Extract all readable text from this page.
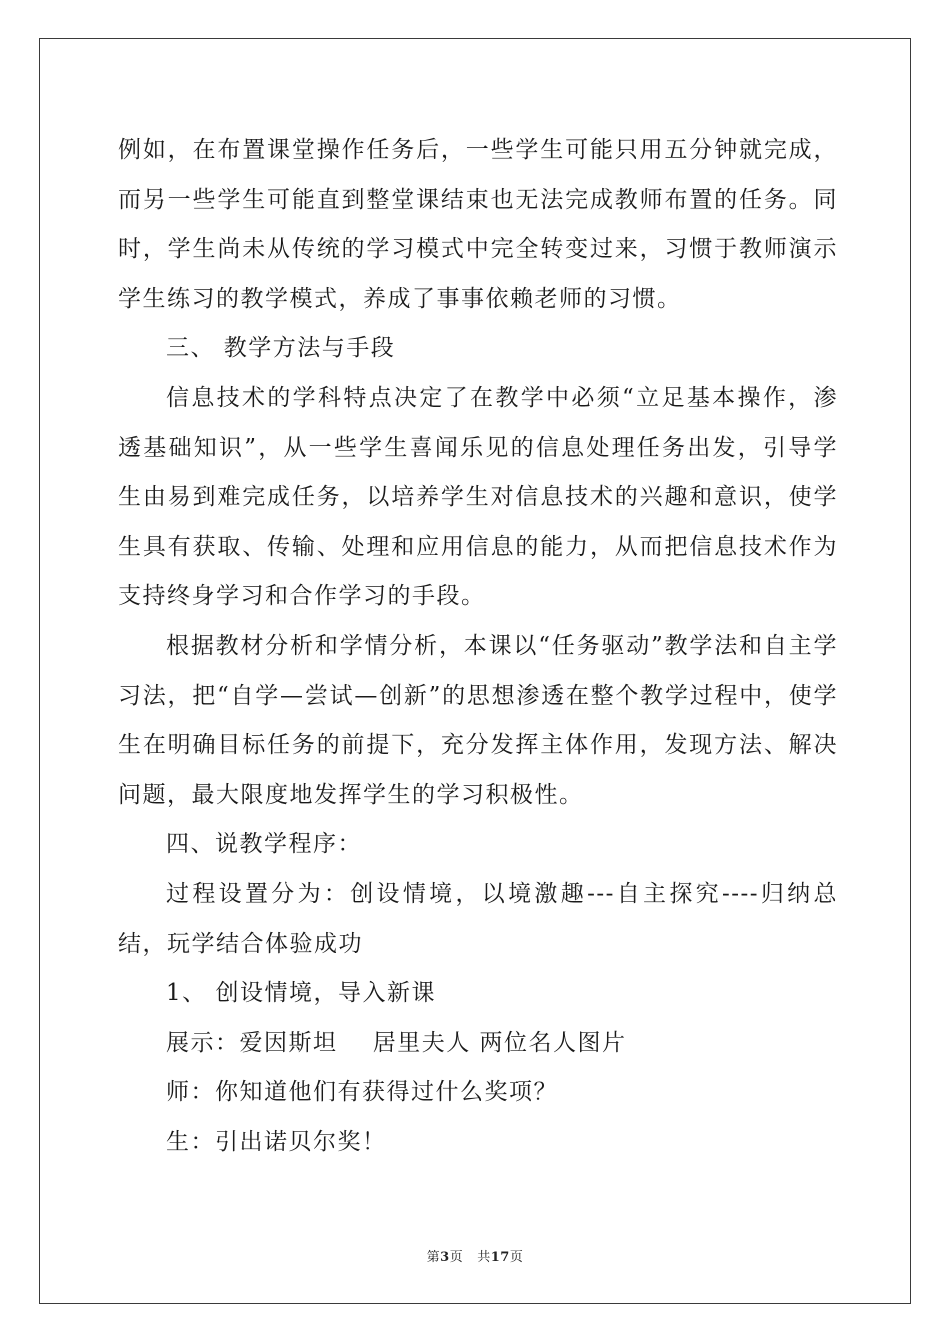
例如，在布置课堂操作任务后，一些学生可能只用五分钟就完成，而另一些学生可能直到整堂课结束也无法完成教师布置的任务。同时，学生尚未从传统的学习模式中完全转变过来，习惯于教师演示学生练习的教学模式，养成了事事依赖老师的习惯。

三、 教学方法与手段

信息技术的学科特点决定了在教学中必须“立足基本操作，渗透基础知识”，从一些学生喜闻乐见的信息处理任务出发，引导学生由易到难完成任务，以培养学生对信息技术的兴趣和意识，使学生具有获取、传输、处理和应用信息的能力，从而把信息技术作为支持终身学习和合作学习的手段。

根据教材分析和学情分析，本课以“任务驱动”教学法和自主学习法，把“自学—尝试—创新”的思想渗透在整个教学过程中，使学生在明确目标任务的前提下，充分发挥主体作用，发现方法、解决问题，最大限度地发挥学生的学习积极性。

四、说教学程序：

过程设置分为：创设情境，以境激趣---自主探究----归纳总结，玩学结合体验成功

1、 创设情境，导入新课

展示：爱因斯坦    居里夫人 两位名人图片

师：你知道他们有获得过什么奖项？

生：引出诺贝尔奖！

第3页 共17页
